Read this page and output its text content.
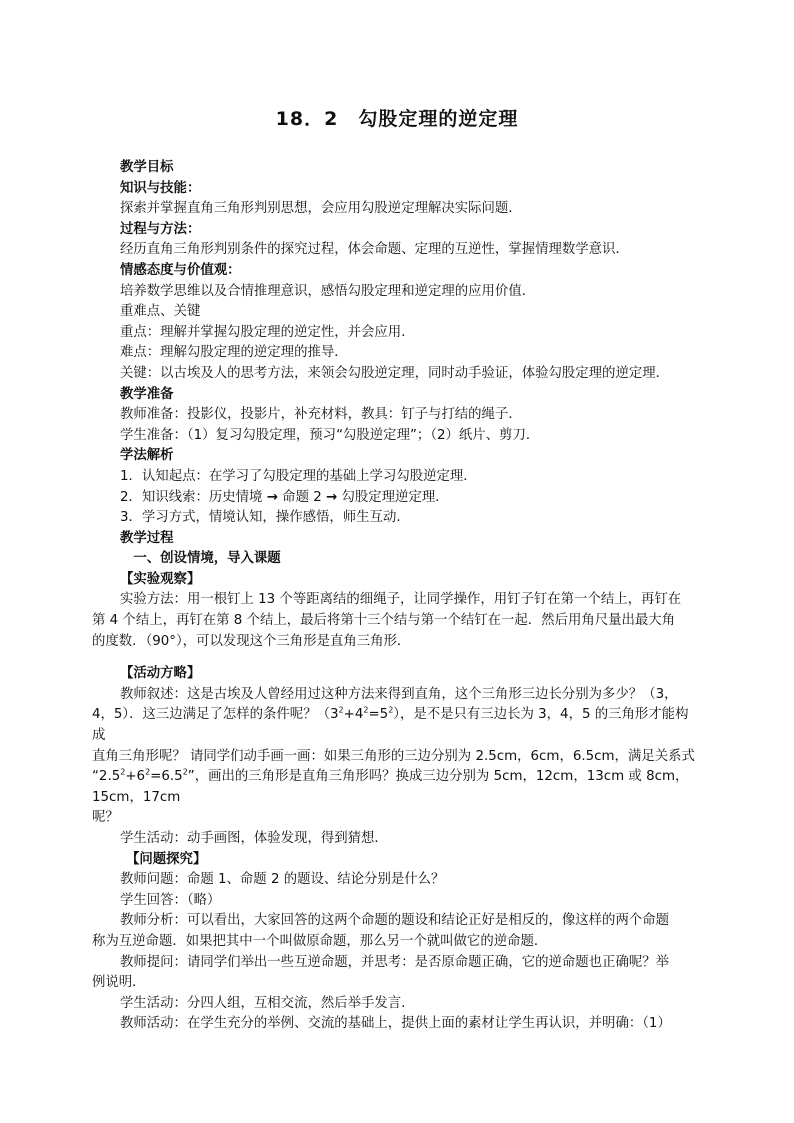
18．2　勾股定理的逆定理

教学目标

知识与技能：

探索并掌握直角三角形判别思想，会应用勾股逆定理解决实际问题．

过程与方法：

经历直角三角形判别条件的探究过程，体会命题、定理的互逆性，掌握情理数学意识．

情感态度与价值观：

培养数学思维以及合情推理意识，感悟勾股定理和逆定理的应用价值．

重难点、关键

重点：理解并掌握勾股定理的逆定性，并会应用．

难点：理解勾股定理的逆定理的推导．

关键：以古埃及人的思考方法，来领会勾股逆定理，同时动手验证，体验勾股定理的逆定理．

教学准备

教师准备：投影仪，投影片，补充材料，教具：钉子与打结的绳子．

学生准备：（1）复习勾股定理，预习“勾股逆定理”；（2）纸片、剪刀．

学法解析

1．认知起点：在学习了勾股定理的基础上学习勾股逆定理．

2．知识线索：历史情境 → 命题 2 → 勾股定理逆定理．

3．学习方式，情境认知，操作感悟，师生互动．

教学过程

一、创设情境，导入课题

【实验观察】

实验方法：用一根钉上 13 个等距离结的细绳子，让同学操作，用钉子钉在第一个结上，再钉在

第 4 个结上，再钉在第 8 个结上，最后将第十三个结与第一个结钉在一起．然后用角尺量出最大角

的度数．（90°），可以发现这个三角形是直角三角形．

【活动方略】

教师叙述：这是古埃及人曾经用过这种方法来得到直角，这个三角形三边长分别为多少？（3，

4，5）．这三边满足了怎样的条件呢？$(3^2+4^2=5^2)$，是不是只有三边长为 3，4，5 的三角形才能构成

直角三角形呢？ 请同学们动手画一画：如果三角形的三边分别为 2.5cm，6cm，6.5cm，满足关系式

“$2.5^2+6^2=6.5^2$”，画出的三角形是直角三角形吗？换成三边分别为 5cm，12cm，13cm 或 8cm，15cm，17cm

呢？

学生活动：动手画图，体验发现，得到猜想．

【问题探究】

教师问题：命题 1、命题 2 的题设、结论分别是什么？

学生回答：（略）

教师分析：可以看出，大家回答的这两个命题的题设和结论正好是相反的，像这样的两个命题

称为互逆命题．如果把其中一个叫做原命题，那么另一个就叫做它的逆命题．

教师提问：请同学们举出一些互逆命题，并思考：是否原命题正确，它的逆命题也正确呢？举

例说明．

学生活动：分四人组，互相交流，然后举手发言．

教师活动：在学生充分的举例、交流的基础上，提供上面的素材让学生再认识，并明确：（1）
